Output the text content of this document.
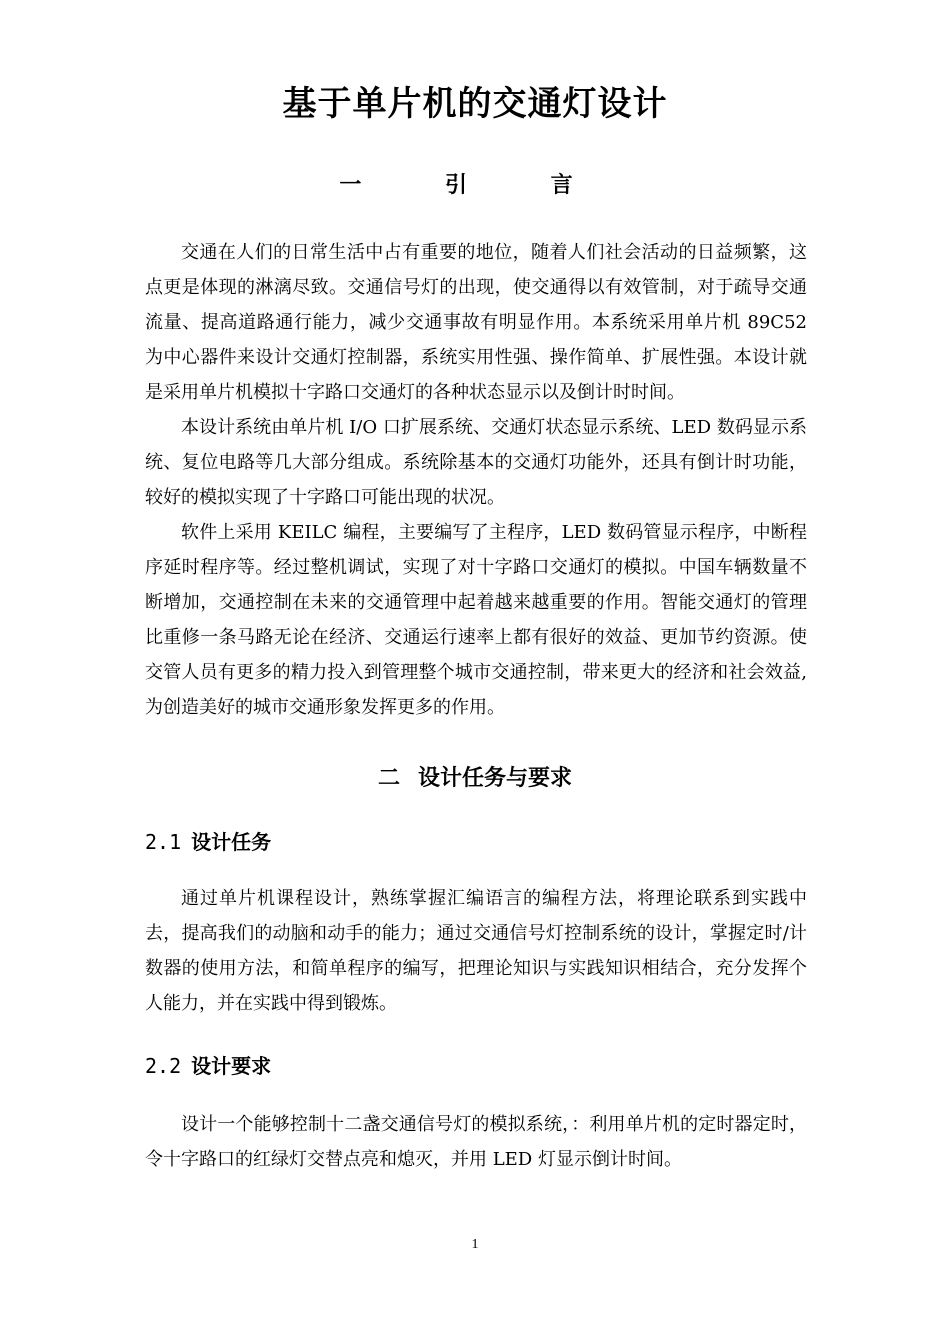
基于单片机的交通灯设计
一 引 言

交通在人们的日常生活中占有重要的地位，随着人们社会活动的日益频繁，这点更是体现的淋漓尽致。交通信号灯的出现，使交通得以有效管制，对于疏导交通流量、提高道路通行能力，减少交通事故有明显作用。本系统采用单片机 89C52 为中心器件来设计交通灯控制器，系统实用性强、操作简单、扩展性强。本设计就是采用单片机模拟十字路口交通灯的各种状态显示以及倒计时时间。

本设计系统由单片机 I/O 口扩展系统、交通灯状态显示系统、LED 数码显示系统、复位电路等几大部分组成。系统除基本的交通灯功能外，还具有倒计时功能，较好的模拟实现了十字路口可能出现的状况。

软件上采用 KEILC 编程，主要编写了主程序，LED 数码管显示程序，中断程序延时程序等。经过整机调试，实现了对十字路口交通灯的模拟。中国车辆数量不断增加，交通控制在未来的交通管理中起着越来越重要的作用。智能交通灯的管理比重修一条马路无论在经济、交通运行速率上都有很好的效益、更加节约资源。使交管人员有更多的精力投入到管理整个城市交通控制，带来更大的经济和社会效益,为创造美好的城市交通形象发挥更多的作用。

二 设计任务与要求
2.1 设计任务

通过单片机课程设计，熟练掌握汇编语言的编程方法，将理论联系到实践中去，提高我们的动脑和动手的能力；通过交通信号灯控制系统的设计，掌握定时/计数器的使用方法，和简单程序的编写，把理论知识与实践知识相结合，充分发挥个人能力，并在实践中得到锻炼。

2.2 设计要求

设计一个能够控制十二盏交通信号灯的模拟系统，：利用单片机的定时器定时，令十字路口的红绿灯交替点亮和熄灭，并用 LED 灯显示倒计时间。

1
